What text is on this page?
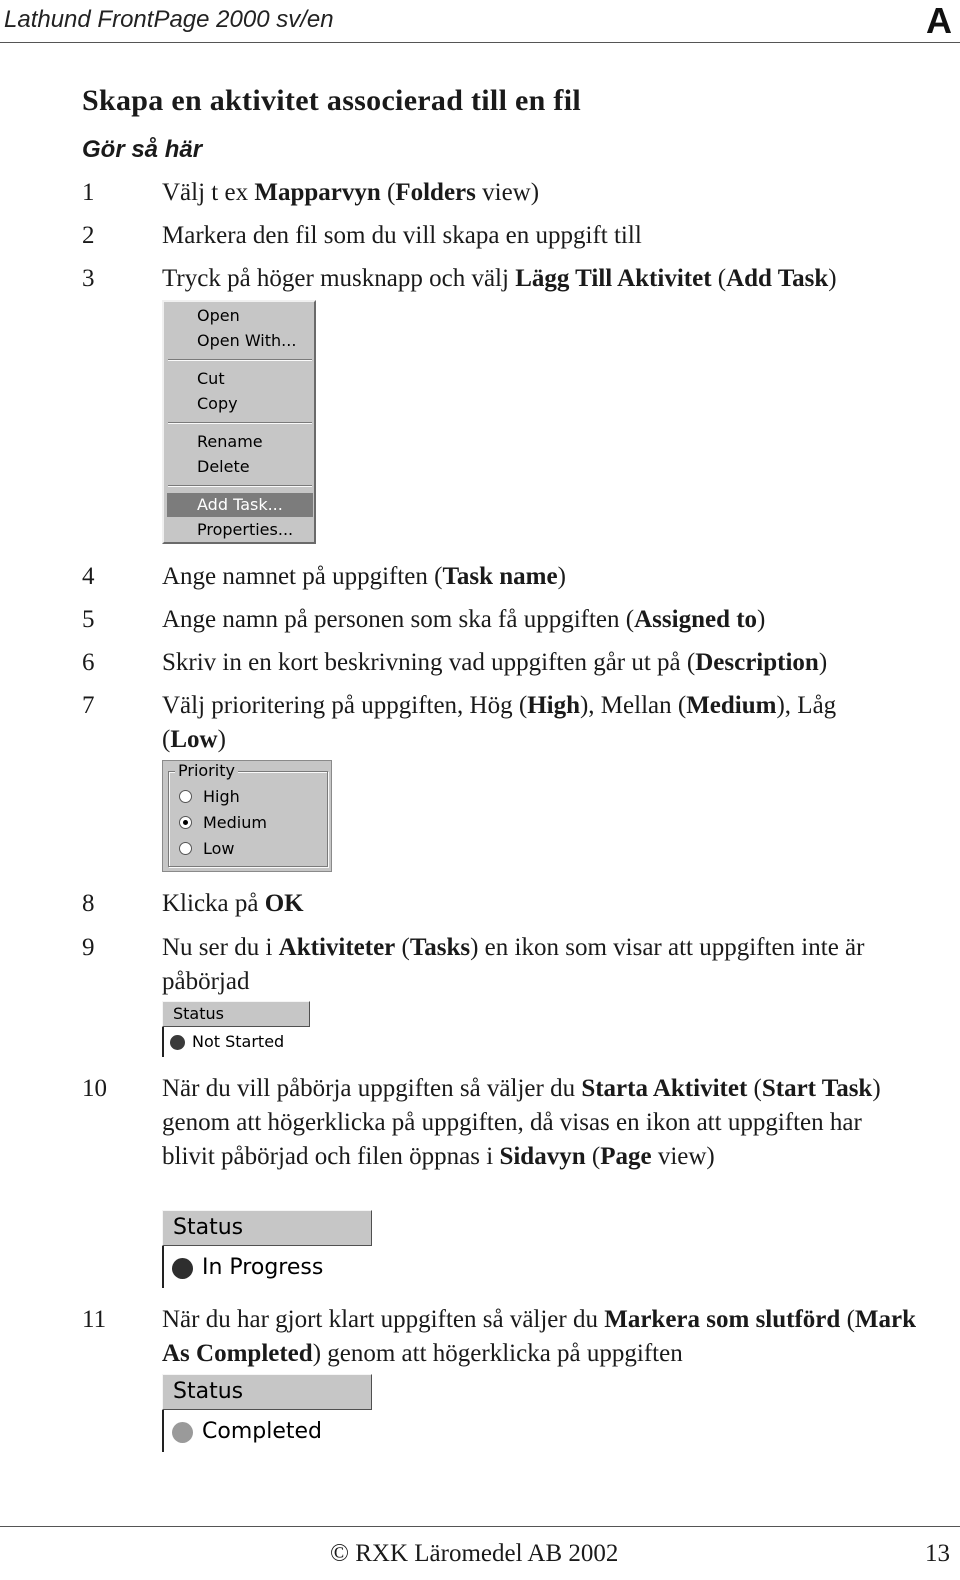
Lathund FrontPage 2000 sv/en	A
Skapa en aktivitet associerad till en fil
Gör så här
1	Välj t ex Mapparvyn (Folders view)
2	Markera den fil som du vill skapa en uppgift till
3	Tryck på höger musknapp och välj Lägg Till Aktivitet (Add Task)
Open
Open With...
Cut
Copy
Rename
Delete
Add Task...
Properties...
4	Ange namnet på uppgiften (Task name)
5	Ange namn på personen som ska få uppgiften (Assigned to)
6	Skriv in en kort beskrivning vad uppgiften går ut på (Description)
7	Välj prioritering på uppgiften, Hög (High), Mellan (Medium), Låg (Low)
Priority
High
Medium
Low
8	Klicka på OK
9	Nu ser du i Aktiviteter (Tasks) en ikon som visar att uppgiften inte är påbörjad
Status
Not Started
10 När du vill påbörja uppgiften så väljer du Starta Aktivitet (Start Task) genom att högerklicka på uppgiften, då visas en ikon att uppgiften har blivit påbörjad och filen öppnas i Sidavyn (Page view)
Status
In Progress
11 När du har gjort klart uppgiften så väljer du Markera som slutförd (Mark As Completed) genom att högerklicka på uppgiften
Status
Completed
© RXK Läromedel AB 2002	13
